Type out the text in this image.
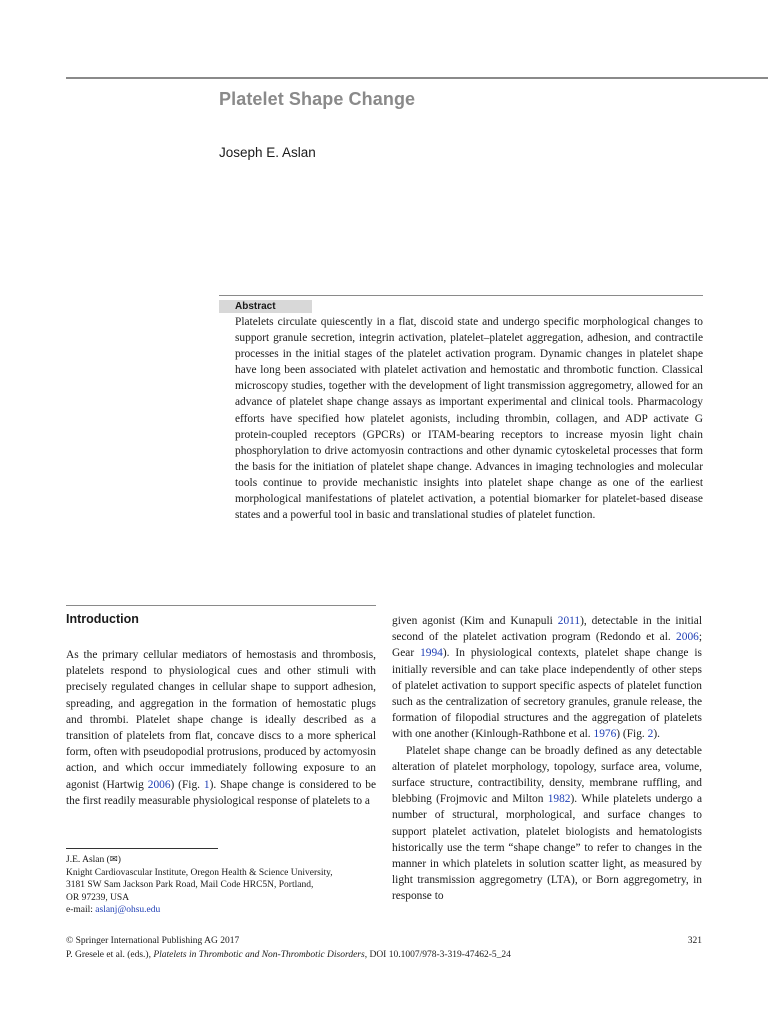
Platelet Shape Change
Joseph E. Aslan
Abstract

Platelets circulate quiescently in a flat, discoid state and undergo specific morphological changes to support granule secretion, integrin activation, platelet–platelet aggregation, adhesion, and contractile processes in the initial stages of the platelet activation program. Dynamic changes in platelet shape have long been associated with platelet activation and hemostatic and thrombotic function. Classical microscopy studies, together with the development of light transmission aggregometry, allowed for an advance of platelet shape change assays as important experimental and clinical tools. Pharmacology efforts have specified how platelet agonists, including thrombin, collagen, and ADP activate G protein-coupled receptors (GPCRs) or ITAM-bearing receptors to increase myosin light chain phosphorylation to drive actomyosin contractions and other dynamic cytoskeletal processes that form the basis for the initiation of platelet shape change. Advances in imaging technologies and molecular tools continue to provide mechanistic insights into platelet shape change as one of the earliest morphological manifestations of platelet activation, a potential biomarker for platelet-based disease states and a powerful tool in basic and translational studies of platelet function.

Introduction

As the primary cellular mediators of hemostasis and thrombosis, platelets respond to physiological cues and other stimuli with precisely regulated changes in cellular shape to support adhesion, spreading, and aggregation in the formation of hemostatic plugs and thrombi. Platelet shape change is ideally described as a transition of platelets from flat, concave discs to a more spherical form, often with pseudopodial protrusions, produced by actomyosin action, and which occur immediately following exposure to an agonist (Hartwig 2006) (Fig. 1). Shape change is considered to be the first readily measurable physiological response of platelets to a

given agonist (Kim and Kunapuli 2011), detectable in the initial second of the platelet activation program (Redondo et al. 2006; Gear 1994). In physiological contexts, platelet shape change is initially reversible and can take place independently of other steps of platelet activation to support specific aspects of platelet function such as the centralization of secretory granules, granule release, the formation of filopodial structures and the aggregation of platelets with one another (Kinlough-Rathbone et al. 1976) (Fig. 2).

Platelet shape change can be broadly defined as any detectable alteration of platelet morphology, topology, surface area, volume, surface structure, contractibility, density, membrane ruffling, and blebbing (Frojmovic and Milton 1982). While platelets undergo a number of structural, morphological, and surface changes to support platelet activation, platelet biologists and hematologists historically use the term “shape change” to refer to changes in the manner in which platelets in solution scatter light, as measured by light transmission aggregometry (LTA), or Born aggregometry, in response to

J.E. Aslan (✉)
Knight Cardiovascular Institute, Oregon Health & Science University,
3181 SW Sam Jackson Park Road, Mail Code HRC5N, Portland,
OR 97239, USA
e-mail: aslanj@ohsu.edu
© Springer International Publishing AG 2017	321
P. Gresele et al. (eds.), Platelets in Thrombotic and Non-Thrombotic Disorders, DOI 10.1007/978-3-319-47462-5_24
